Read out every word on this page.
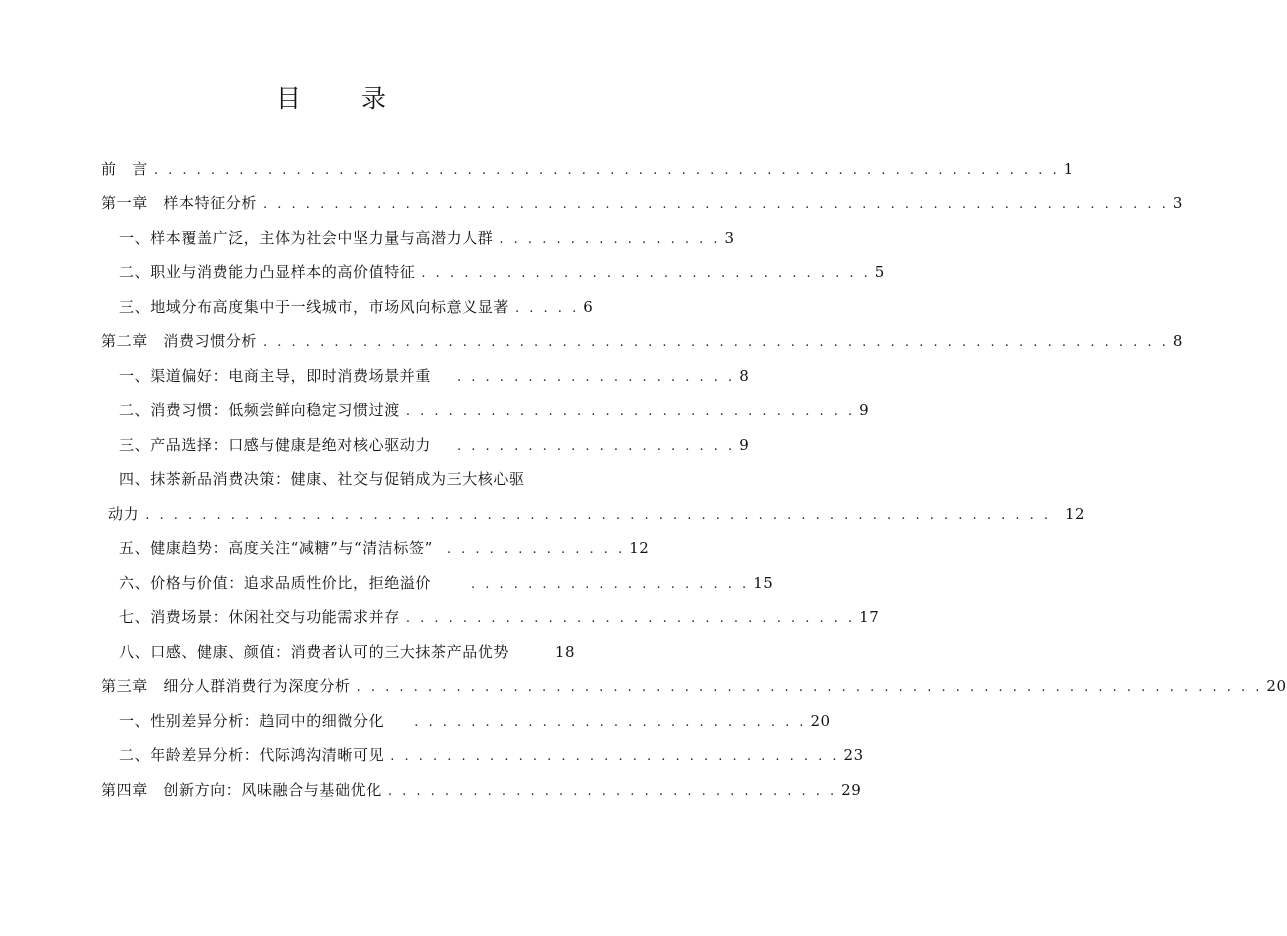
目 录
前　言 . . . . . . . . . . . . . . . . . . . . . . . . . . . . . . . . . . . . . . . . . . . . . . . . . . . . . . . . . . . . . . . . 1
第一章　样本特征分析 . . . . . . . . . . . . . . . . . . . . . . . . . . . . . . . . . . . . . . . . . . . . . . . . . . . . . . . . . . . . . . . . 3
一、样本覆盖广泛，主体为社会中坚力量与高潜力人群 . . . . . . . . . . . . . . . . 3
二、职业与消费能力凸显样本的高价值特征 . . . . . . . . . . . . . . . . . . . . . . . . . . . . . . . . 5
三、地域分布高度集中于一线城市，市场风向标意义显著 . . . . . 6
第二章　消费习惯分析 . . . . . . . . . . . . . . . . . . . . . . . . . . . . . . . . . . . . . . . . . . . . . . . . . . . . . . . . . . . . . . . . 8
一、渠道偏好：电商主导，即时消费场景并重 . . . . . . . . . . . . . . . . . . . . 8
二、消费习惯：低频尝鲜向稳定习惯过渡 . . . . . . . . . . . . . . . . . . . . . . . . . . . . . . . . 9
三、产品选择：口感与健康是绝对核心驱动力 . . . . . . . . . . . . . . . . . . . . 9
四、抹茶新品消费决策：健康、社交与促销成为三大核心驱
动力 . . . . . . . . . . . . . . . . . . . . . . . . . . . . . . . . . . . . . . . . . . . . . . . . . . . . . . . . . . . . . . . . 12
五、健康趋势：高度关注“减糖”与“清洁标签” . . . . . . . . . . . . . 12
六、价格与价值：追求品质性价比，拒绝溢价	. . . . . . . . . . . . . . . . . . . . 15
七、消费场景：休闲社交与功能需求并存 . . . . . . . . . . . . . . . . . . . . . . . . . . . . . . . . 17
八、口感、健康、颜值：消费者认可的三大抹茶产品优势	18
第三章　细分人群消费行为深度分析 . . . . . . . . . . . . . . . . . . . . . . . . . . . . . . . . . . . . . . . . . . . . . . . . . . . . . . . . . . . . . . . . 20
一、性别差异分析：趋同中的细微分化 . . . . . . . . . . . . . . . . . . . . . . . . . . . . 20
二、年龄差异分析：代际鸿沟清晰可见 . . . . . . . . . . . . . . . . . . . . . . . . . . . . . . . . 23
第四章　创新方向：风味融合与基础优化 . . . . . . . . . . . . . . . . . . . . . . . . . . . . . . . . 29
